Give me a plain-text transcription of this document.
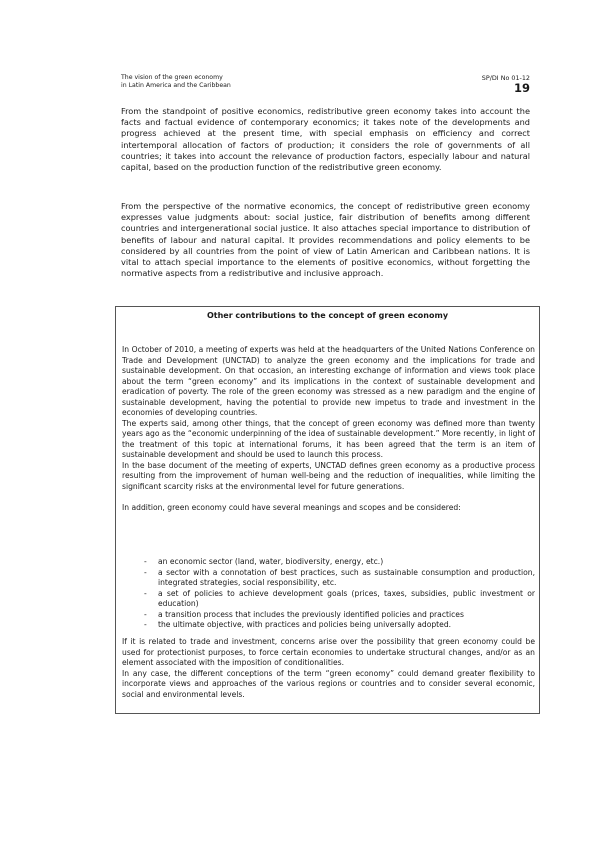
The vision of the green economy
in Latin America and the Caribbean
SP/DI No 01-12
19

From the standpoint of positive economics, redistributive green economy takes into account the facts and factual evidence of contemporary economics; it takes note of the developments and progress achieved at the present time, with special emphasis on efficiency and correct intertemporal allocation of factors of production; it considers the role of governments of all countries; it takes into account the relevance of production factors, especially labour and natural capital, based on the production function of the redistributive green economy.

From the perspective of the normative economics, the concept of redistributive green economy expresses value judgments about: social justice, fair distribution of benefits among different countries and intergenerational social justice. It also attaches special importance to distribution of benefits of labour and natural capital. It provides recommendations and policy elements to be considered by all countries from the point of view of Latin American and Caribbean nations. It is vital to attach special importance to the elements of positive economics, without forgetting the normative aspects from a redistributive and inclusive approach.

Other contributions to the concept of green economy

In October of 2010, a meeting of experts was held at the headquarters of the United Nations Conference on Trade and Development (UNCTAD) to analyze the green economy and the implications for trade and sustainable development. On that occasion, an interesting exchange of information and views took place about the term “green economy” and its implications in the context of sustainable development and eradication of poverty. The role of the green economy was stressed as a new paradigm and the engine of sustainable development, having the potential to provide new impetus to trade and investment in the economies of developing countries.
The experts said, among other things, that the concept of green economy was defined more than twenty years ago as the “economic underpinning of the idea of sustainable development.” More recently, in light of the treatment of this topic at international forums, it has been agreed that the term is an item of sustainable development and should be used to launch this process.
In the base document of the meeting of experts, UNCTAD defines green economy as a productive process resulting from the improvement of human well-being and the reduction of inequalities, while limiting the significant scarcity risks at the environmental level for future generations.

In addition, green economy could have several meanings and scopes and be considered:

- an economic sector (land, water, biodiversity, energy, etc.)
- a sector with a connotation of best practices, such as sustainable consumption and production, integrated strategies, social responsibility, etc.
- a set of policies to achieve development goals (prices, taxes, subsidies, public investment or education)
- a transition process that includes the previously identified policies and practices
- the ultimate objective, with practices and policies being universally adopted.

If it is related to trade and investment, concerns arise over the possibility that green economy could be used for protectionist purposes, to force certain economies to undertake structural changes, and/or as an element associated with the imposition of conditionalities.
In any case, the different conceptions of the term “green economy” could demand greater flexibility to incorporate views and approaches of the various regions or countries and to consider several economic, social and environmental levels.
